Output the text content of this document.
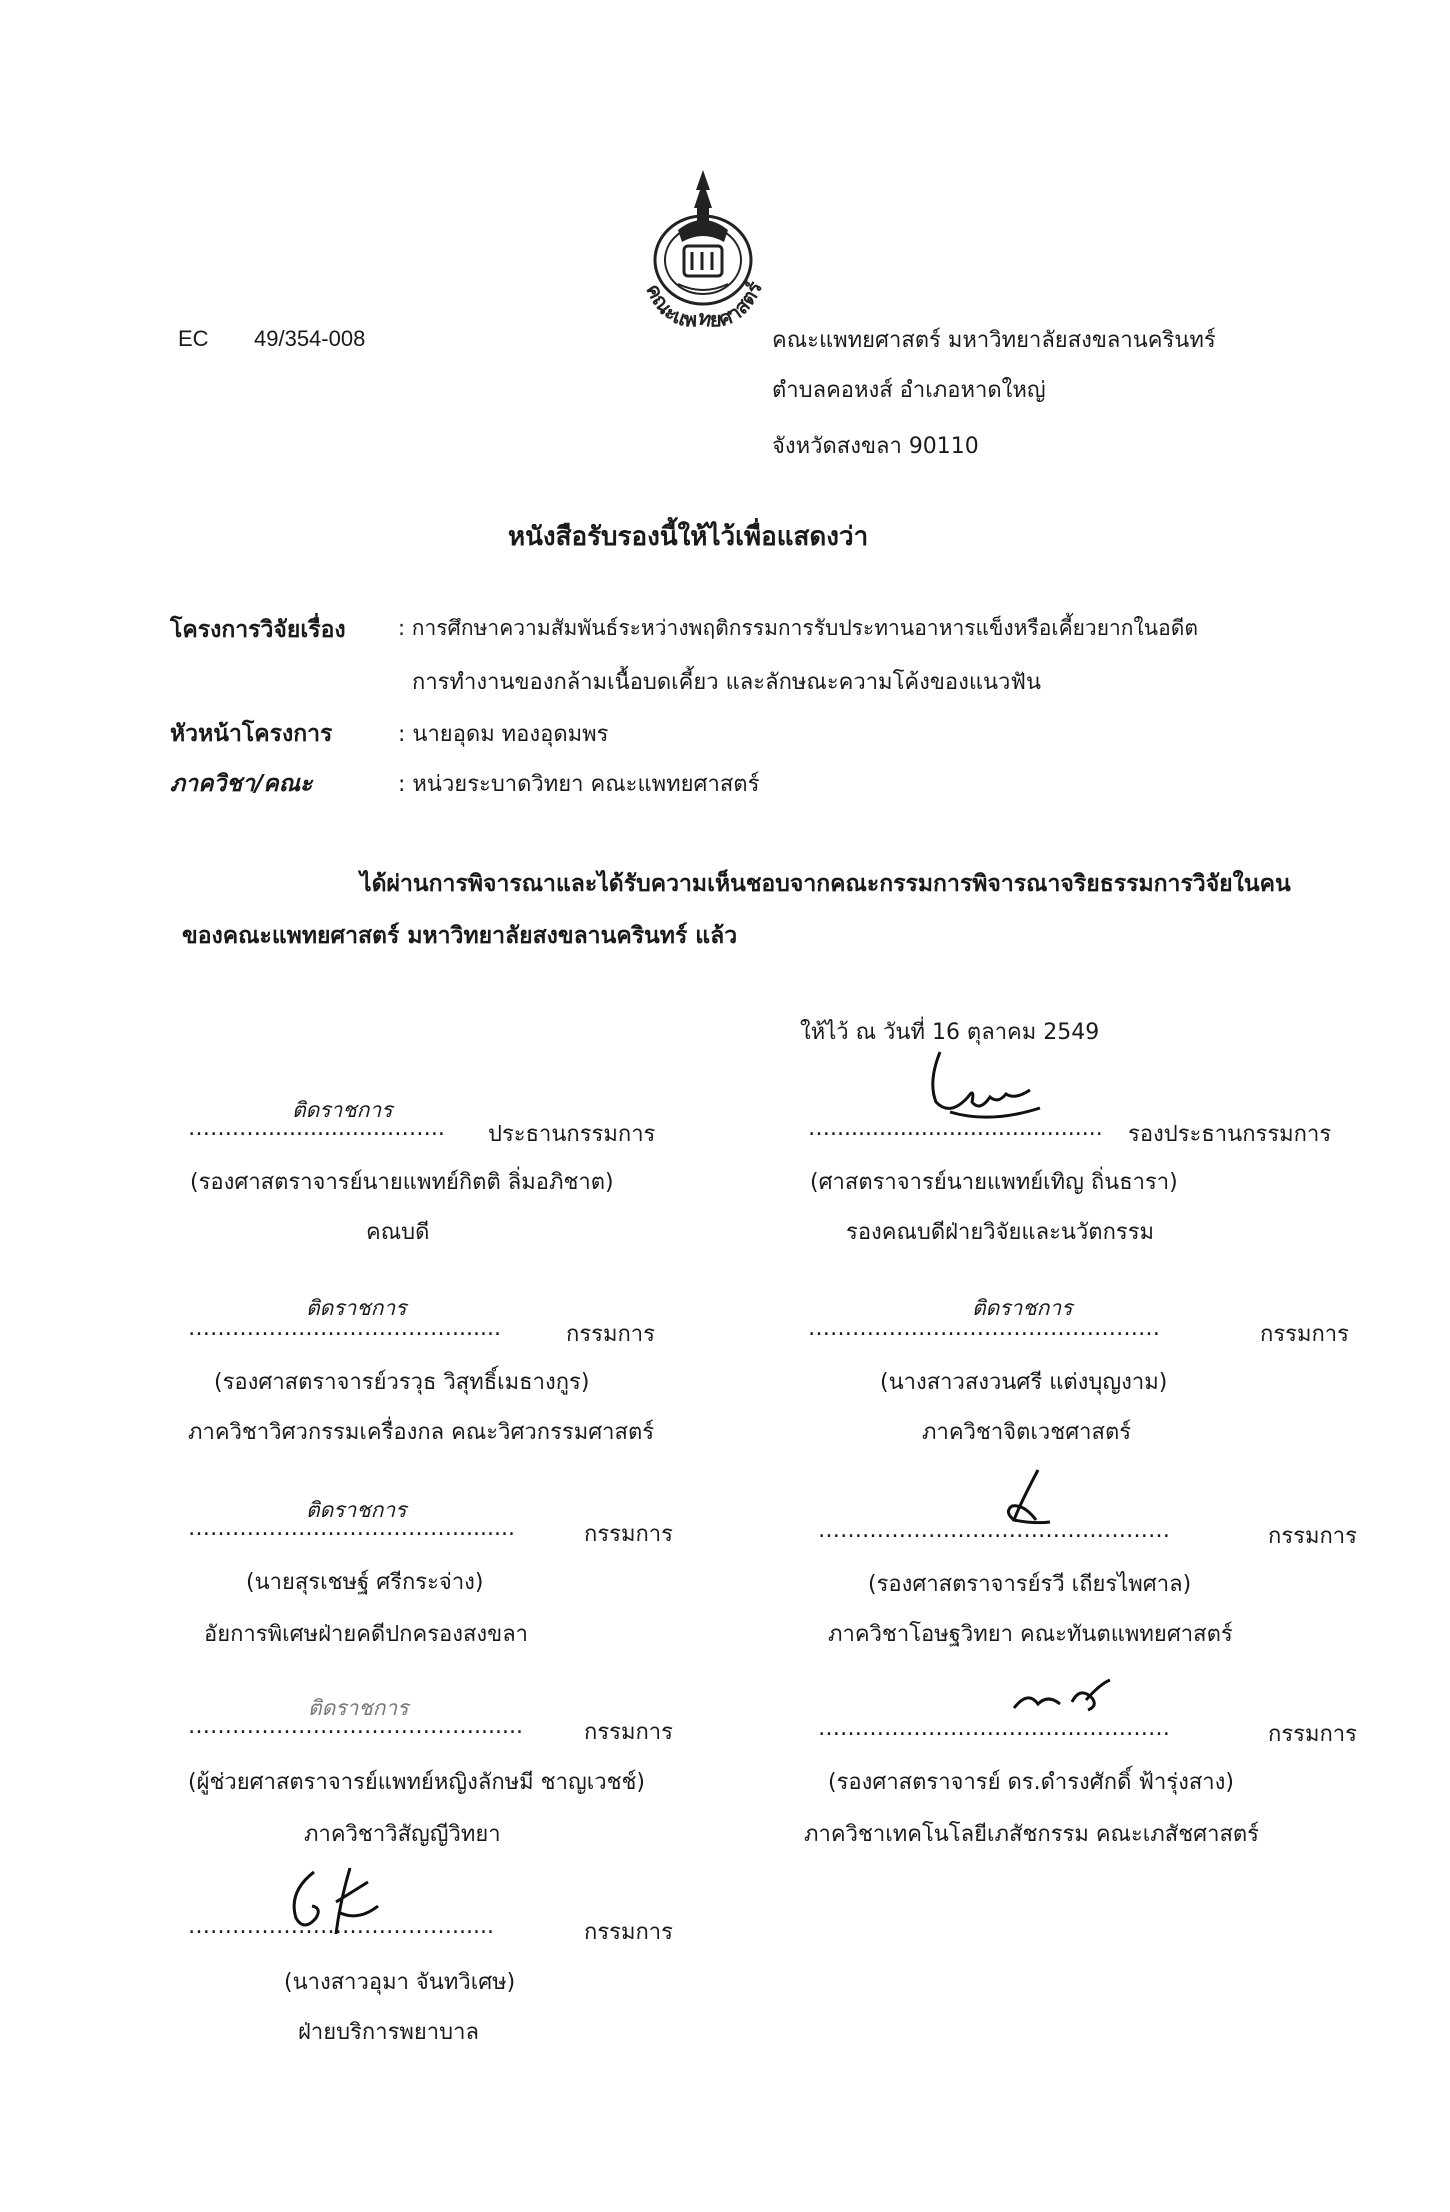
EC 49/354-008
คณะแพทยศาสตร์
คณะแพทยศาสตร์ มหาวิทยาลัยสงขลานครินทร์
ตำบลคอหงส์ อำเภอหาดใหญ่
จังหวัดสงขลา 90110
หนังสือรับรองนี้ให้ไว้เพื่อแสดงว่า
โครงการวิจัยเรื่อง : การศึกษาความสัมพันธ์ระหว่างพฤติกรรมการรับประทานอาหารแข็งหรือเคี้ยวยากในอดีต
การทำงานของกล้ามเนื้อบดเคี้ยว และลักษณะความโค้งของแนวฟัน
หัวหน้าโครงการ	: นายอุดม ทองอุดมพร
ภาควิชา/คณะ	: หน่วยระบาดวิทยา คณะแพทยศาสตร์
ได้ผ่านการพิจารณาและได้รับความเห็นชอบจากคณะกรรมการพิจารณาจริยธรรมการวิจัยในคน
ของคณะแพทยศาสตร์ มหาวิทยาลัยสงขลานครินทร์ แล้ว
ให้ไว้ ณ วันที่ 16 ตุลาคม 2549
ติดราชการ
…….…..................…….. ประธานกรรมการ
(รองศาสตราจารย์นายแพทย์กิตติ ลิ่มอภิชาต)
คณบดี
…....................................... รองประธานกรรมการ
(ศาสตราจารย์นายแพทย์เทิญ ถิ่นธารา)
รองคณบดีฝ่ายวิจัยและนวัตกรรม
ติดราชการ
……………………………….......	กรรมการ
(รองศาสตราจารย์วรวุธ วิสุทธิ์เมธางกูร)
ภาควิชาวิศวกรรมเครื่องกล คณะวิศวกรรมศาสตร์
ติดราชการ
…………………………………………	กรรมการ
(นางสาวสงวนศรี แต่งบุญงาม)
ภาควิชาจิตเวชศาสตร์
ติดราชการ
……………………………….........	กรรมการ
(นายสุรเชษฐ์ ศรีกระจ่าง)
อัยการพิเศษฝ่ายคดีปกครองสงขลา
…………………………………………	กรรมการ
(รองศาสตราจารย์รวี เถียรไพศาล)
ภาควิชาโอษฐวิทยา คณะทันตแพทยศาสตร์
ติดราชการ
………………………………….......	กรรมการ
(ผู้ช่วยศาสตราจารย์แพทย์หญิงลักษมี ชาญเวชช์)
ภาควิชาวิสัญญีวิทยา
…………………………………………	กรรมการ
(รองศาสตราจารย์ ดร.ดำรงศักดิ์ ฟ้ารุ่งสาง)
ภาควิชาเทคโนโลยีเภสัชกรรม คณะเภสัชศาสตร์
………………………………......	กรรมการ
(นางสาวอุมา จันทวิเศษ)
ฝ่ายบริการพยาบาล
